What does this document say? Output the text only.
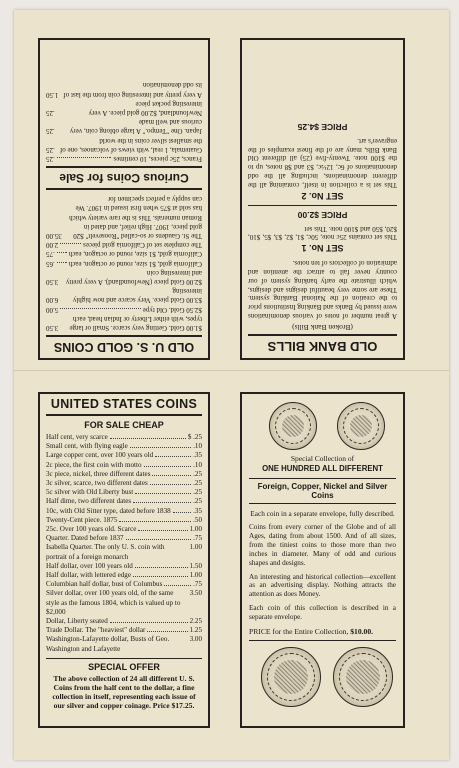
OLD U. S. GOLD COINS
$1.00 Gold. Getting very scarce. Small or large types, with either Liberty or Indian head, each
3.50
$2.50 Gold. Old type
5.00
$3.00 Gold piece. Very scarce and now highly interesting
6.00
$2.00 Gold piece (Newfoundland). A very pretty and interesting coin
3.50
California gold, $1 size, round or octagon, each
.65
California gold, $1 size, round or octagon, each
.75
The complete set of California gold pieces
2.00
The St. Gaudens or so-called "Roosevelt" $20 gold piece, 1907. High relief, and dated in Roman numerals. This is the rare variety which has sold at $75 when first issued in 1907. We can supply a perfect specimen for
35.00
Curious Coins for Sale
Francs, 25c pieces, 10 centimes
.25
Guatemala, 1 real, with views of volcanoes, one of the smallest silver coins in the world
.25
Japan. One "Tempo." A large oblong coin, very curious and well made
.25
Newfoundland, $2.00 gold piece. A very interesting pocket piece
.25
A very pretty and interesting coin from the last of its odd denomination
1.50
OLD BANK BILLS
(Broken Bank Bills)
A great number of notes of various denominations were issued by Banks and Banking Institutions prior to the creation of the National Banking system. These are some very beautiful designs and designs, which illustrate the early banking system of our country never fail to attract the attention and admiration of collectors of ten notes.
SET No. 1
This set contains 25c note, 50c, $1, $2, $3, $5, $10, $20, $50 and $100 note. This set
PRICE $2.00
SET No. 2
This set is a collection in itself, containing all the different denominations, including all the odd denominations of 6c, 12½c, $3 and $8 notes, up to the $100 note. Twenty-five (25) all different Old Bank Bills, many are of the finest examples of the engraver's art.
PRICE $4.25
UNITED STATES COINS
FOR SALE CHEAP
Half cent, very scarce	$ .25
Small cent, with flying eagle	.10
Large copper cent, over 100 years old	.35
2c piece, the first coin with motto	.10
3c piece, nickel, three different dates	.25
3c silver, scarce, two different dates	.25
5c silver with Old Liberty bust	.25
Half dime, two different dates	.25
10c, with Old Sitter type, dated before 1838	.35
Twenty-Cent piece. 1875	.50
25c. Over 100 years old. Scarce	1.00
Quarter. Dated before 1837	.75
Isabella Quarter. The only U. S. coin with portrait of a foreign monarch
1.00
Half dollar, over 100 years old	1.50
Half dollar, with lettered edge	1.00
Columbian half dollar, bust of Columbus	.75
Silver dollar, over 100 years old, of the same style as the famous 1804, which is valued up to $2,000
3.50
Dollar, Liberty seated	2.25
Trade Dollar. The "heaviest" dollar	1.25
Washington-Lafayette dollar, Busts of Geo. Washington and Lafayette
3.00
SPECIAL OFFER
The above collection of 24 all different U. S. Coins from the half cent to the dollar, a fine collection in itself, representing each issue of our silver and copper coinage. Price $17.25.
Special Collection of
ONE HUNDRED ALL DIFFERENT
Foreign, Copper, Nickel and Silver Coins
Each coin in a separate envelope, fully described.
Coins from every corner of the Globe and of all Ages, dating from about 1500. And of all sizes, from the tiniest coins to those more than two inches in diameter. Many of odd and curious shapes and designs.
An interesting and historical collection—excellent as an advertising display. Nothing attracts the attention as does Money.
Each coin of this collection is described in a separate envelope.
PRICE for the Entire Collection, $10.00.
